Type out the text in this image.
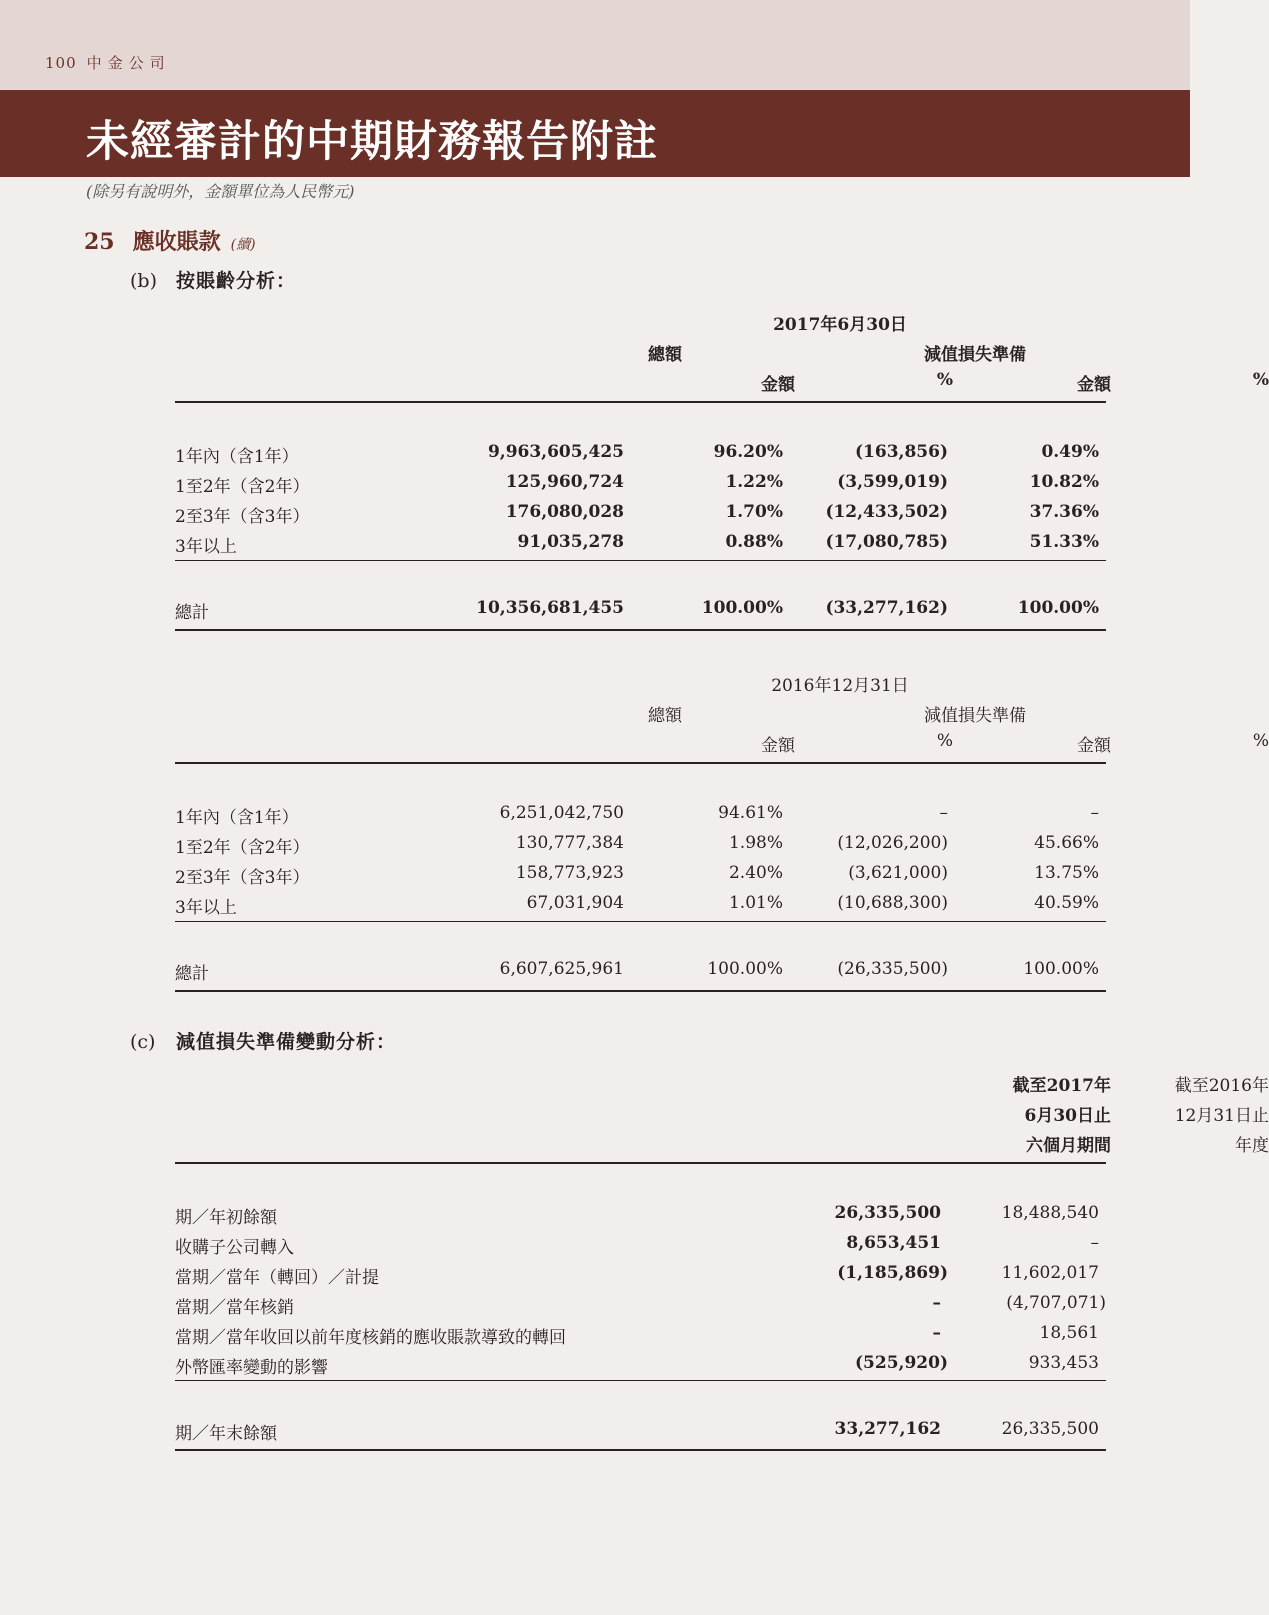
100 中金公司
未經審計的中期財務報告附註
(除另有說明外，金額單位為人民幣元)
25 應收賬款 (續)
(b) 按賬齡分析：
2017年6月30日
總額	減值損失準備
金額	%	金額	%
1年內（含1年）	9,963,605,425	96.20%	(163,856)	0.49%
1至2年（含2年）	125,960,724	1.22%	(3,599,019)	10.82%
2至3年（含3年）	176,080,028	1.70%	(12,433,502)	37.36%
3年以上	91,035,278	0.88%	(17,080,785)	51.33%
總計	10,356,681,455	100.00%	(33,277,162)	100.00%
2016年12月31日
總額	減值損失準備
金額	%	金額	%
1年內（含1年）	6,251,042,750	94.61%	–	–
1至2年（含2年）	130,777,384	1.98%	(12,026,200)	45.66%
2至3年（含3年）	158,773,923	2.40%	(3,621,000)	13.75%
3年以上	67,031,904	1.01%	(10,688,300)	40.59%
總計	6,607,625,961	100.00%	(26,335,500)	100.00%
(c) 減值損失準備變動分析：
截至2017年
6月30日止
六個月期間
截至2016年
12月31日止
年度
期／年初餘額	26,335,500	18,488,540
收購子公司轉入	8,653,451	–
當期／當年（轉回）／計提	(1,185,869)	11,602,017
當期／當年核銷	–	(4,707,071)
當期／當年收回以前年度核銷的應收賬款導致的轉回	–	18,561
外幣匯率變動的影響	(525,920)	933,453
期／年末餘額	33,277,162	26,335,500
